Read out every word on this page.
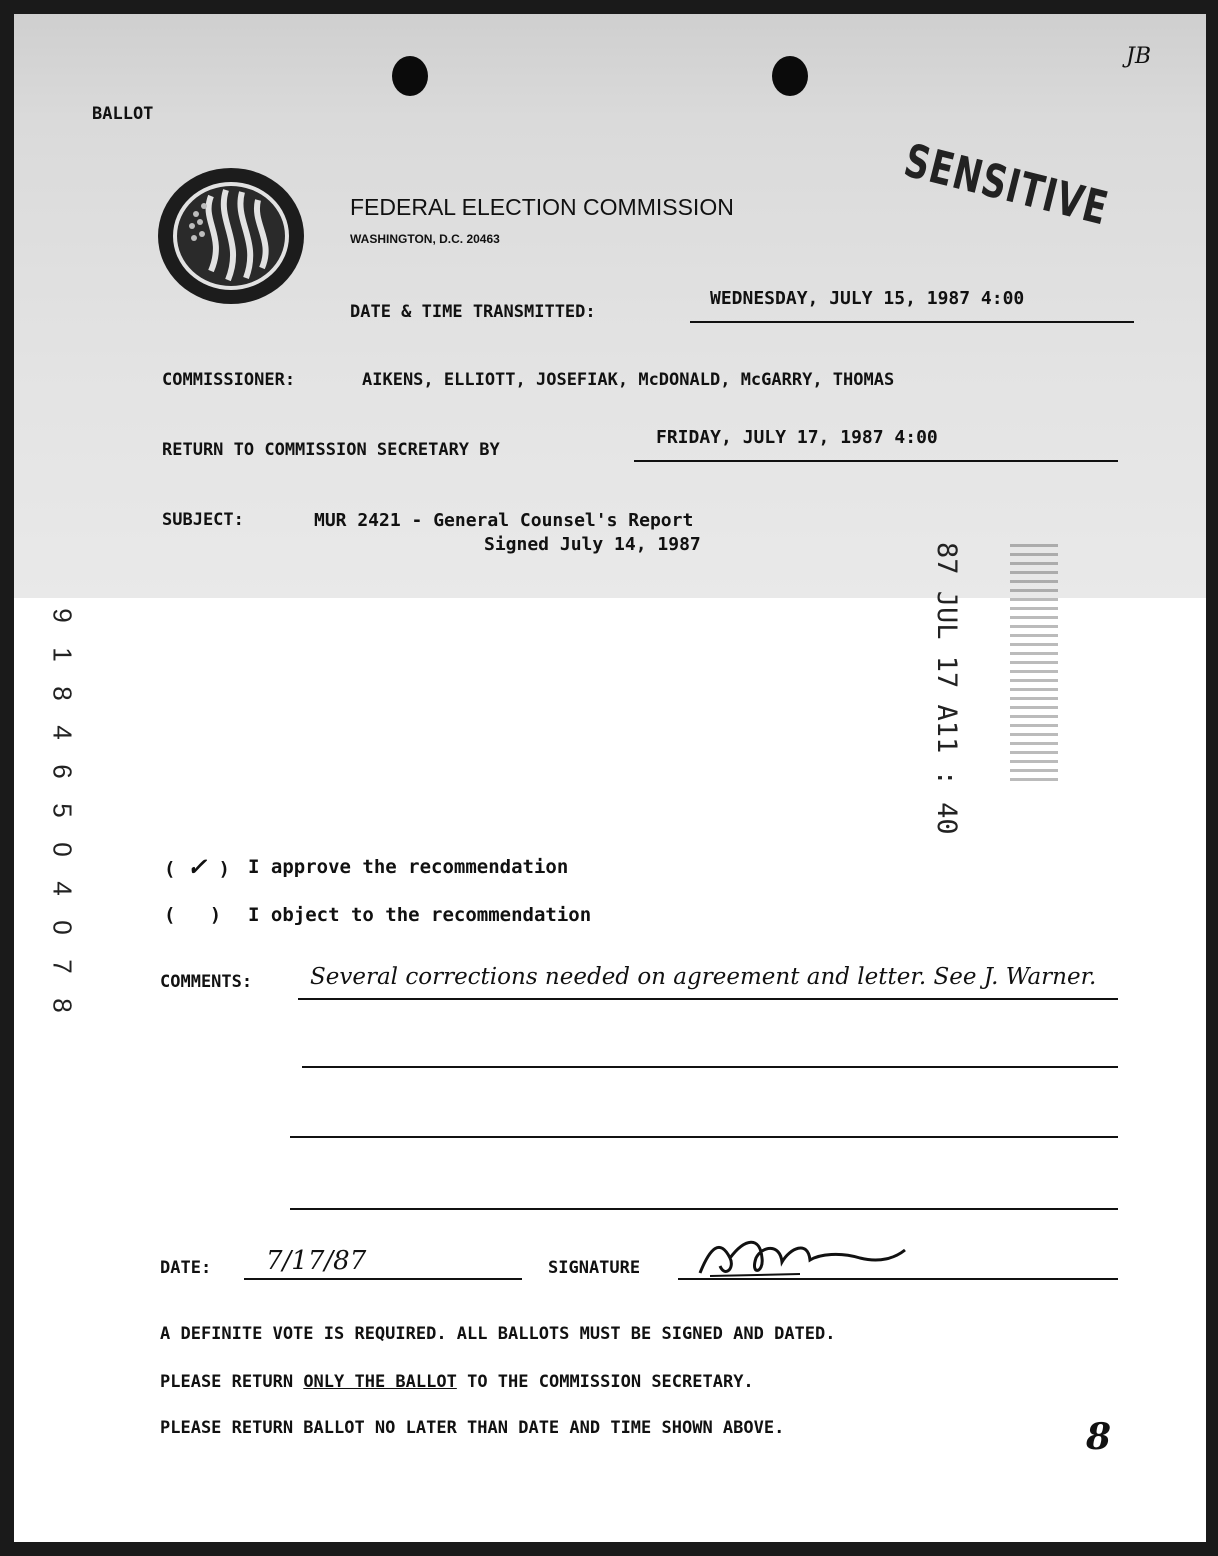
BALLOT
JB
SENSITIVE
FEDERAL ELECTION COMMISSION
WASHINGTON, D.C. 20463
DATE & TIME TRANSMITTED:
WEDNESDAY, JULY 15, 1987 4:00
COMMISSIONER:	AIKENS, ELLIOTT, JOSEFIAK, McDONALD, McGARRY, THOMAS
RETURN TO COMMISSION SECRETARY BY
FRIDAY, JULY 17, 1987 4:00
SUBJECT:	MUR 2421 - General Counsel's Report
Signed July 14, 1987	87 JUL 17 A11 : 40
9
1
8
4
6
5
0
4
0
7
8
( ✓ ) I approve the recommendation
(   ) I object to the recommendation
COMMENTS:	Several corrections needed on agreement and letter. See J. Warner.
DATE: 7/17/87	SIGNATURE
A DEFINITE VOTE IS REQUIRED. ALL BALLOTS MUST BE SIGNED AND DATED.
PLEASE RETURN ONLY THE BALLOT TO THE COMMISSION SECRETARY.
PLEASE RETURN BALLOT NO LATER THAN DATE AND TIME SHOWN ABOVE.	8
